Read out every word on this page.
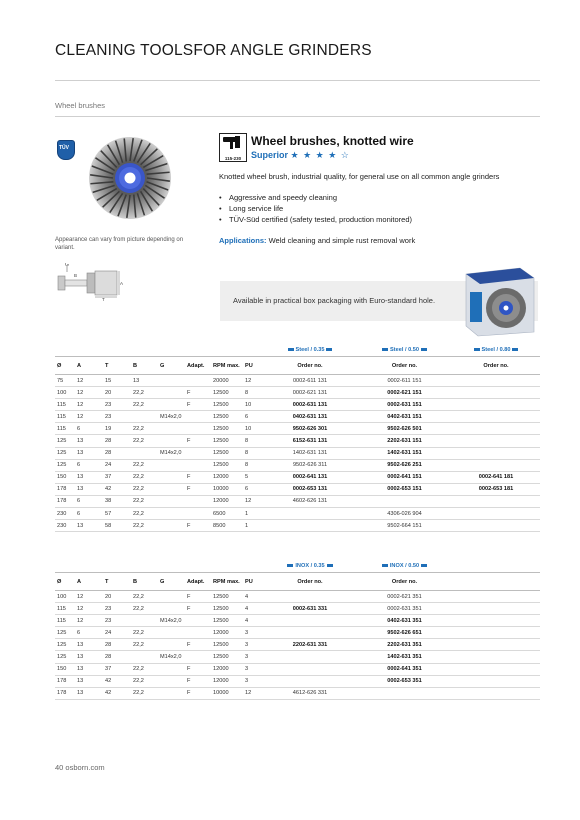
CLEANING TOOLSFOR ANGLE GRINDERS
Wheel brushes
TÜV
Appearance can vary from picture depending on variant.
G
B
T
A
115-230
Wheel brushes, knotted wire
Superior ★ ★ ★ ★ ☆
Knotted wheel brush, industrial quality, for general use on all common angle grinders
• Aggressive and speedy cleaning
• Long service life
• TÜV-Süd certified (safety tested, production monitored)
Applications: Weld cleaning and simple rust removal work
Available in practical box packaging with Euro-standard hole.
								Steel / 0.35	Steel / 0.50	Steel / 0.80
Ø	A	T	B	G	Adapt.	RPM max.	PU	Order no.	Order no.	Order no.
75	12	15	13			20000	12	0002-611 131	0002-611 151	
100	12	20	22,2		F	12500	8	0002-621 131	0002-621 151	
115	12	23	22,2		F	12500	10	0002-631 131	0002-631 151	
115	12	23		M14x2,0		12500	6	0402-631 131	0402-631 151	
115	6	19	22,2			12500	10	9502-626 301	9502-626 501	
125	13	28	22,2		F	12500	8	6152-631 131	2202-631 151	
125	13	28		M14x2,0		12500	8	1402-631 131	1402-631 151	
125	6	24	22,2			12500	8	9502-626 311	9502-626 251	
150	13	37	22,2		F	12000	5	0002-641 131	0002-641 151	0002-641 181
178	13	42	22,2		F	10000	6	0002-653 131	0002-653 151	0002-653 181
178	6	38	22,2			12000	12	4602-626 131		
230	6	57	22,2			6500	1		4306-026 904	
230	13	58	22,2		F	8500	1		9502-664 151	
								INOX / 0.35	INOX / 0.50	
Ø	A	T	B	G	Adapt.	RPM max.	PU	Order no.	Order no.	
100	12	20	22,2		F	12500	4		0002-621 351	
115	12	23	22,2		F	12500	4	0002-631 331	0002-631 351	
115	12	23		M14x2,0		12500	4		0402-631 351	
125	6	24	22,2			12000	3		9502-626 651	
125	13	28	22,2		F	12500	3	2202-631 331	2202-631 351	
125	13	28		M14x2,0		12500	3		1402-631 351	
150	13	37	22,2		F	12000	3		0002-641 351	
178	13	42	22,2		F	12000	3		0002-653 351	
178	13	42	22,2		F	10000	12	4612-626 331		
40 osborn.com
